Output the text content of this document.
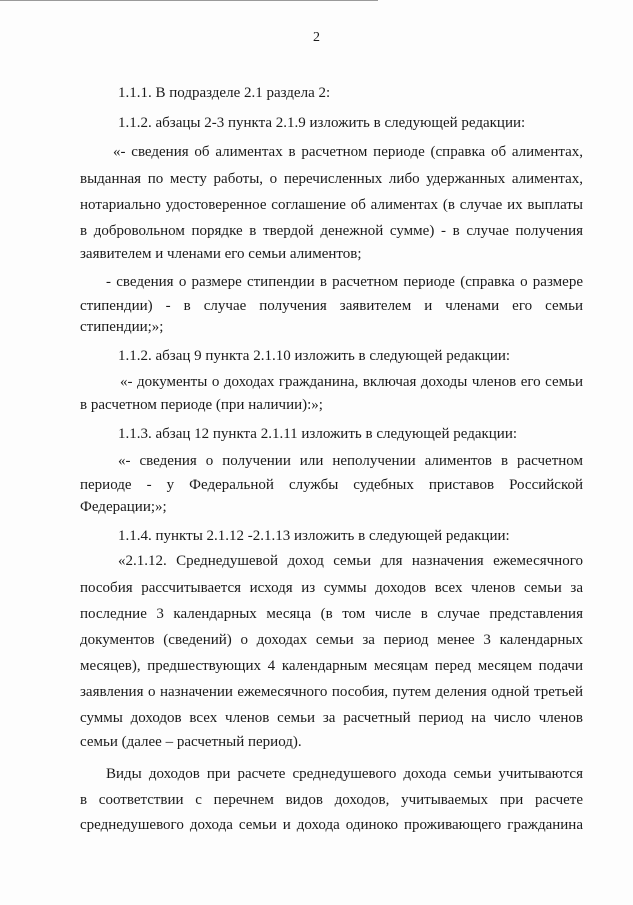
2
1.1.1. В подразделе 2.1 раздела 2:
1.1.2. абзацы 2-3 пункта 2.1.9 изложить в следующей редакции:
«- сведения об алиментах в расчетном периоде (справка об алиментах,
выданная по месту работы, о перечисленных либо удержанных алиментах,
нотариально удостоверенное соглашение об алиментах (в случае их выплаты
в добровольном порядке в твердой денежной сумме) - в случае получения
заявителем и членами его семьи алиментов;
- сведения о размере стипендии в расчетном периоде (справка о размере
стипендии) - в случае получения заявителем и членами его семьи
стипендии;»;
1.1.2. абзац 9 пункта 2.1.10 изложить в следующей редакции:
«- документы о доходах гражданина, включая доходы членов его семьи
в расчетном периоде (при наличии):»;
1.1.3. абзац 12 пункта 2.1.11 изложить в следующей редакции:
«- сведения о получении или неполучении алиментов в расчетном
периоде - у Федеральной службы судебных приставов Российской
Федерации;»;
1.1.4. пункты 2.1.12 -2.1.13 изложить в следующей редакции:
«2.1.12. Среднедушевой доход семьи для назначения ежемесячного
пособия рассчитывается исходя из суммы доходов всех членов семьи за
последние 3 календарных месяца (в том числе в случае представления
документов (сведений) о доходах семьи за период менее 3 календарных
месяцев), предшествующих 4 календарным месяцам перед месяцем подачи
заявления о назначении ежемесячного пособия, путем деления одной третьей
суммы доходов всех членов семьи за расчетный период на число членов
семьи (далее – расчетный период).
Виды доходов при расчете среднедушевого дохода семьи учитываются
в соответствии с перечнем видов доходов, учитываемых при расчете
среднедушевого дохода семьи и дохода одиноко проживающего гражданина
